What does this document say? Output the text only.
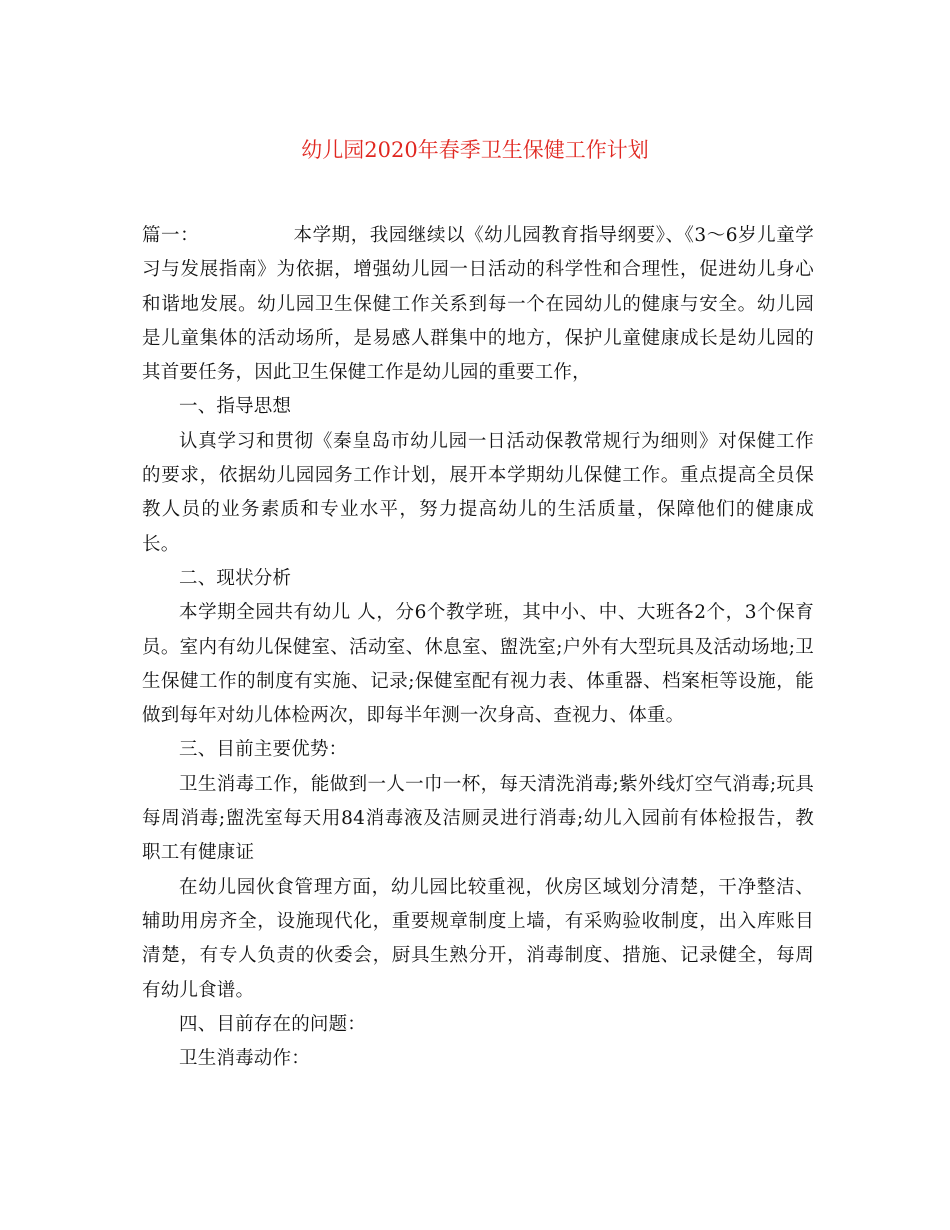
幼儿园2020年春季卫生保健工作计划

篇一：	本学期，我园继续以《幼儿园教育指导纲要》、《3～6岁儿童学习与发展指南》为依据，增强幼儿园一日活动的科学性和合理性，促进幼儿身心和谐地发展。幼儿园卫生保健工作关系到每一个在园幼儿的健康与安全。幼儿园是儿童集体的活动场所，是易感人群集中的地方，保护儿童健康成长是幼儿园的其首要任务，因此卫生保健工作是幼儿园的重要工作，

一、指导思想

认真学习和贯彻《秦皇岛市幼儿园一日活动保教常规行为细则》对保健工作的要求，依据幼儿园园务工作计划，展开本学期幼儿保健工作。重点提高全员保教人员的业务素质和专业水平，努力提高幼儿的生活质量，保障他们的健康成长。

二、现状分析

本学期全园共有幼儿 人，分6个教学班，其中小、中、大班各2个，3个保育员。室内有幼儿保健室、活动室、休息室、盥洗室;户外有大型玩具及活动场地;卫生保健工作的制度有实施、记录;保健室配有视力表、体重器、档案柜等设施，能做到每年对幼儿体检两次，即每半年测一次身高、查视力、体重。

三、目前主要优势：

卫生消毒工作，能做到一人一巾一杯，每天清洗消毒;紫外线灯空气消毒;玩具每周消毒;盥洗室每天用84消毒液及洁厕灵进行消毒;幼儿入园前有体检报告，教职工有健康证

在幼儿园伙食管理方面，幼儿园比较重视，伙房区域划分清楚，干净整洁、辅助用房齐全，设施现代化，重要规章制度上墙，有采购验收制度，出入库账目清楚，有专人负责的伙委会，厨具生熟分开，消毒制度、措施、记录健全，每周有幼儿食谱。

四、目前存在的问题：

卫生消毒动作：
